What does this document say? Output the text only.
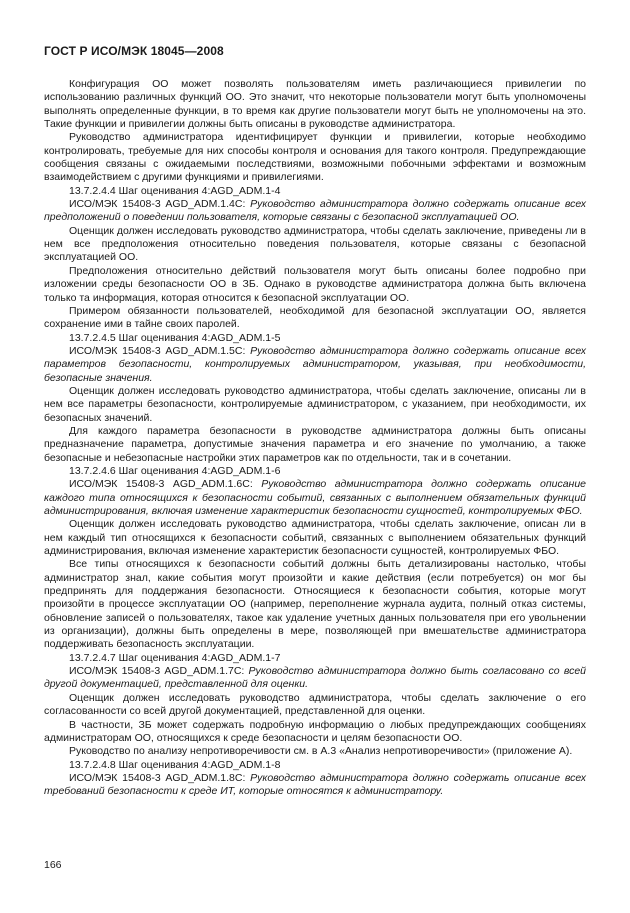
ГОСТ Р ИСО/МЭК 18045—2008

Конфигурация ОО может позволять пользователям иметь различающиеся привилегии по использованию различных функций ОО. Это значит, что некоторые пользователи могут быть уполномочены выполнять определенные функции, в то время как другие пользователи могут быть не уполномочены на это. Такие функции и привилегии должны быть описаны в руководстве администратора.

Руководство администратора идентифицирует функции и привилегии, которые необходимо контролировать, требуемые для них способы контроля и основания для такого контроля. Предупреждающие сообщения связаны с ожидаемыми последствиями, возможными побочными эффектами и возможным взаимодействием с другими функциями и привилегиями.

13.7.2.4.4 Шаг оценивания 4:AGD_ADM.1-4

ИСО/МЭК 15408-3 AGD_ADM.1.4С: Руководство администратора должно содержать описание всех предположений о поведении пользователя, которые связаны с безопасной эксплуатацией ОО.

Оценщик должен исследовать руководство администратора, чтобы сделать заключение, приведены ли в нем все предположения относительно поведения пользователя, которые связаны с безопасной эксплуатацией ОО.

Предположения относительно действий пользователя могут быть описаны более подробно при изложении среды безопасности ОО в ЗБ. Однако в руководстве администратора должна быть включена только та информация, которая относится к безопасной эксплуатации ОО.

Примером обязанности пользователей, необходимой для безопасной эксплуатации ОО, является сохранение ими в тайне своих паролей.

13.7.2.4.5 Шаг оценивания 4:AGD_ADM.1-5

ИСО/МЭК 15408-3 AGD_ADM.1.5С: Руководство администратора должно содержать описание всех параметров безопасности, контролируемых администратором, указывая, при необходимости, безопасные значения.

Оценщик должен исследовать руководство администратора, чтобы сделать заключение, описаны ли в нем все параметры безопасности, контролируемые администратором, с указанием, при необходимости, их безопасных значений.

Для каждого параметра безопасности в руководстве администратора должны быть описаны предназначение параметра, допустимые значения параметра и его значение по умолчанию, а также безопасные и небезопасные настройки этих параметров как по отдельности, так и в сочетании.

13.7.2.4.6 Шаг оценивания 4:AGD_ADM.1-6

ИСО/МЭК 15408-3 AGD_ADM.1.6С: Руководство администратора должно содержать описание каждого типа относящихся к безопасности событий, связанных с выполнением обязательных функций администрирования, включая изменение характеристик безопасности сущностей, контролируемых ФБО.

Оценщик должен исследовать руководство администратора, чтобы сделать заключение, описан ли в нем каждый тип относящихся к безопасности событий, связанных с выполнением обязательных функций администрирования, включая изменение характеристик безопасности сущностей, контролируемых ФБО.

Все типы относящихся к безопасности событий должны быть детализированы настолько, чтобы администратор знал, какие события могут произойти и какие действия (если потребуется) он мог бы предпринять для поддержания безопасности. Относящиеся к безопасности события, которые могут произойти в процессе эксплуатации ОО (например, переполнение журнала аудита, полный отказ системы, обновление записей о пользователях, такое как удаление учетных данных пользователя при его увольнении из организации), должны быть определены в мере, позволяющей при вмешательстве администратора поддерживать безопасность эксплуатации.

13.7.2.4.7 Шаг оценивания 4:AGD_ADM.1-7

ИСО/МЭК 15408-3 AGD_ADM.1.7С: Руководство администратора должно быть согласовано со всей другой документацией, представленной для оценки.

Оценщик должен исследовать руководство администратора, чтобы сделать заключение о его согласованности со всей другой документацией, представленной для оценки.

В частности, ЗБ может содержать подробную информацию о любых предупреждающих сообщениях администраторам ОО, относящихся к среде безопасности и целям безопасности ОО.

Руководство по анализу непротиворечивости см. в А.3 «Анализ непротиворечивости» (приложение А).

13.7.2.4.8 Шаг оценивания 4:AGD_ADM.1-8

ИСО/МЭК 15408-3 AGD_ADM.1.8С: Руководство администратора должно содержать описание всех требований безопасности к среде ИТ, которые относятся к администратору.

166
